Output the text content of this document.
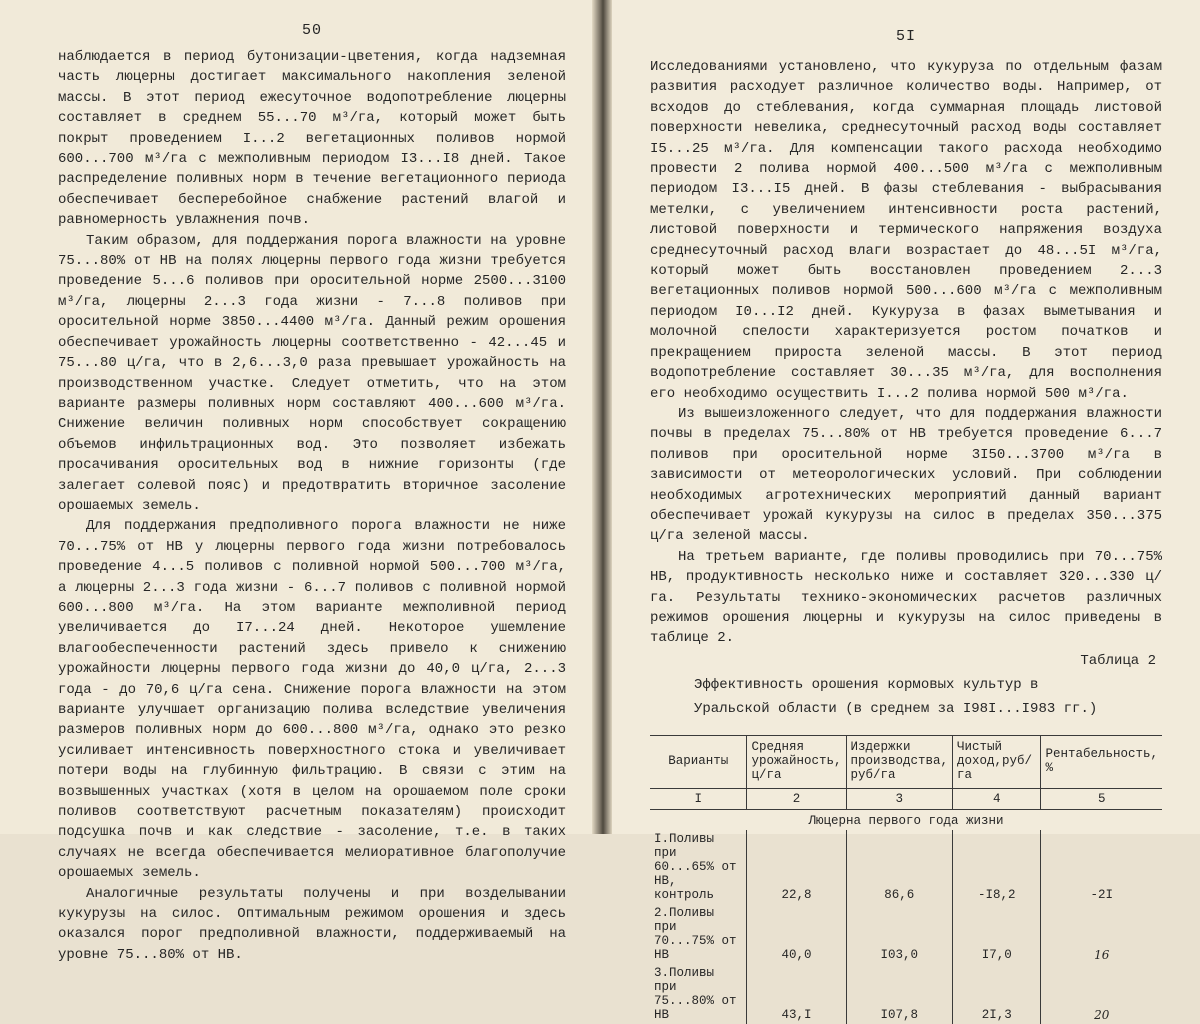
50

наблюдается в период бутонизации-цветения, когда надземная часть люцерны достигает максимального накопления зеленой массы. В этот период ежесуточное водопотребление люцерны составляет в среднем 55...70 м³/га, который может быть покрыт проведением I...2 вегетационных поливов нормой 600...700 м³/га с межполивным периодом I3...I8 дней. Такое распределение поливных норм в течение вегетационного периода обеспечивает бесперебойное снабжение растений влагой и равномерность увлажнения почв.

Таким образом, для поддержания порога влажности на уровне 75...80% от НВ на полях люцерны первого года жизни требуется проведение 5...6 поливов при оросительной норме 2500...3100 м³/га, люцерны 2...3 года жизни - 7...8 поливов при оросительной норме 3850...4400 м³/га. Данный режим орошения обеспечивает урожайность люцерны соответственно - 42...45 и 75...80 ц/га, что в 2,6...3,0 раза превышает урожайность на производственном участке. Следует отметить, что на этом варианте размеры поливных норм составляют 400...600 м³/га. Снижение величин поливных норм способствует сокращению объемов инфильтрационных вод. Это позволяет избежать просачивания оросительных вод в нижние горизонты (где залегает солевой пояс) и предотвратить вторичное засоление орошаемых земель.

Для поддержания предполивного порога влажности не ниже 70...75% от НВ у люцерны первого года жизни потребовалось проведение 4...5 поливов с поливной нормой 500...700 м³/га, а люцерны 2...3 года жизни - 6...7 поливов с поливной нормой 600...800 м³/га. На этом варианте межполивной период увеличивается до I7...24 дней. Некоторое ушемление влагообеспеченности растений здесь привело к снижению урожайности люцерны первого года жизни до 40,0 ц/га, 2...3 года - до 70,6 ц/га сена. Снижение порога влажности на этом варианте улучшает организацию полива вследствие увеличения размеров поливных норм до 600...800 м³/га, однако это резко усиливает интенсивность поверхностного стока и увеличивает потери воды на глубинную фильтрацию. В связи с этим на возвышенных участках (хотя в целом на орошаемом поле сроки поливов соответствуют расчетным показателям) происходит подсушка почв и как следствие - засоление, т.е. в таких случаях не всегда обеспечивается мелиоративное благополучие орошаемых земель.

Аналогичные результаты получены и при возделывании кукурузы на силос. Оптимальным режимом орошения и здесь оказался порог предполивной влажности, поддерживаемый на уровне 75...80% от НВ.

5I

Исследованиями установлено, что кукуруза по отдельным фазам развития расходует различное количество воды. Например, от всходов до стеблевания, когда суммарная площадь листовой поверхности невелика, среднесуточный расход воды составляет I5...25 м³/га. Для компенсации такого расхода необходимо провести 2 полива нормой 400...500 м³/га с межполивным периодом I3...I5 дней. В фазы стеблевания - выбрасывания метелки, с увеличением интенсивности роста растений, листовой поверхности и термического напряжения воздуха среднесуточный расход влаги возрастает до 48...5I м³/га, который может быть восстановлен проведением 2...3 вегетационных поливов нормой 500...600 м³/га с межполивным периодом I0...I2 дней. Кукуруза в фазах выметывания и молочной спелости характеризуется ростом початков и прекращением прироста зеленой массы. В этот период водопотребление составляет 30...35 м³/га, для восполнения его необходимо осуществить I...2 полива нормой 500 м³/га.

Из вышеизложенного следует, что для поддержания влажности почвы в пределах 75...80% от НВ требуется проведение 6...7 поливов при оросительной норме 3I50...3700 м³/га в зависимости от метеорологических условий. При соблюдении необходимых агротехнических мероприятий данный вариант обеспечивает урожай кукурузы на силос в пределах 350...375 ц/га зеленой массы.

На третьем варианте, где поливы проводились при 70...75% НВ, продуктивность несколько ниже и составляет 320...330 ц/га. Результаты технико-экономических расчетов различных режимов орошения люцерны и кукурузы на силос приведены в таблице 2.

Таблица 2
Эффективность орошения кормовых культур в
Уральской области (в среднем за I98I...I983 гг.)
Варианты	Средняя урожайность, ц/га	Издержки производства, руб/га	Чистый доход,руб/га	Рентабельность, %
I	2	3	4	5
Люцерна первого года жизни				
I.Поливы при 60...65% от НВ, контроль	22,8	86,6	-I8,2	-2I
2.Поливы при 70...75% от НВ	40,0	I03,0	I7,0	16
3.Поливы при 75...80% от НВ	43,I	I07,8	2I,3	20
